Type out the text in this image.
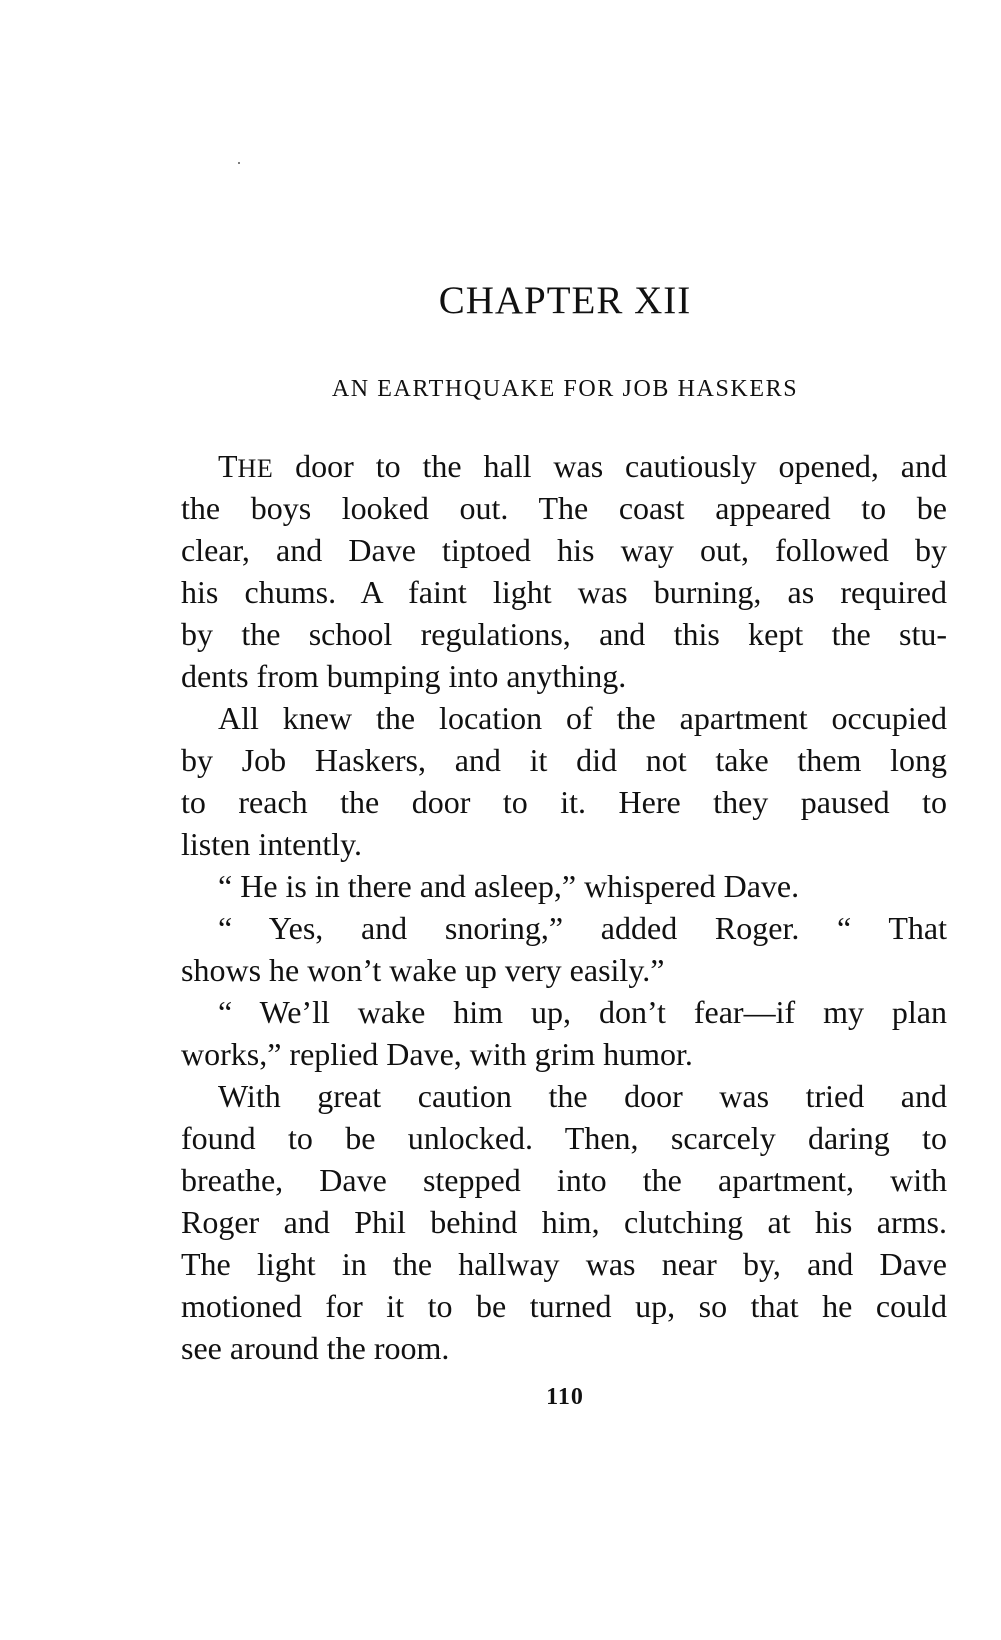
CHAPTER XII
AN EARTHQUAKE FOR JOB HASKERS
THE door to the hall was cautiously opened, and
the boys looked out. The coast appeared to be
clear, and Dave tiptoed his way out, followed by
his chums. A faint light was burning, as required
by the school regulations, and this kept the stu-
dents from bumping into anything.
All knew the location of the apartment occupied
by Job Haskers, and it did not take them long
to reach the door to it. Here they paused to
listen intently.
“ He is in there and asleep,” whispered Dave.
“ Yes, and snoring,” added Roger. “ That
shows he won’t wake up very easily.”
“ We’ll wake him up, don’t fear—if my plan
works,” replied Dave, with grim humor.
With great caution the door was tried and
found to be unlocked. Then, scarcely daring to
breathe, Dave stepped into the apartment, with
Roger and Phil behind him, clutching at his arms.
The light in the hallway was near by, and Dave
motioned for it to be turned up, so that he could
see around the room.
110
